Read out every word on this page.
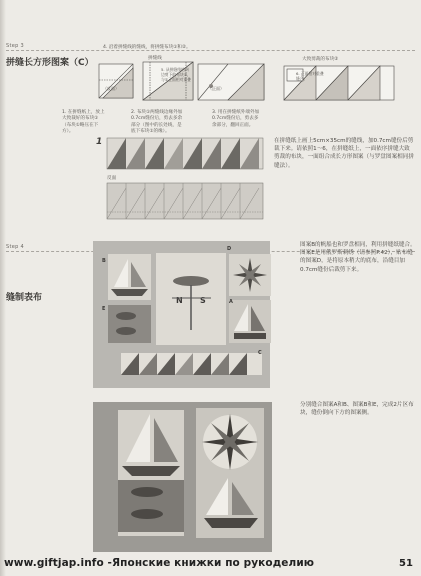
Step 3
拼缝长方形图案（C）
4. 沿着拼缝线的缝线，将拼缝布块①和②。
拼缝线	大致剪裁的布块②
（反面）	（正面）
5. 从拼缝线的四边剪下的布块②，与①正面相对重叠
6. 正面相对重叠缝合。
1. 在拼缝纸上，放上大致裁好的布块①（布块①略压在下方）。
2. 布块①两缝线边缘外加0.7cm缝份后，剪去多余部分（图中的长处线，是底下布块①的缘）。
3. 用在拼缝纸外端外加0.7cm缝份后，剪去多余部分，翻回正面。
1
反面
在拼缝纸上画上5cm×35cm的缝线，加0.7cm缝份后剪裁下来。请依照1～6，在拼缝纸上，一面依序拼缝大致剪裁的布块，一面组合成长方形图案（与罗盘图案相同拼缝法）。
Step 4
缝制表布	N S
B
D
E
A
C
图案B的帆船也和罗盘相同，利用拼缝纸缝合。图案E是用俄罗斯刺绣（请参照P.42），贴布缝的图案D，是将原本稍大的底布，沿缝目加0.7cm缝份后裁剪下来。
分别缝合图案A和B、图案B和E，完成2片区布块，缝份倒向下方的图案侧。
www.giftjap.info -Японские книжки по рукоделию	51
